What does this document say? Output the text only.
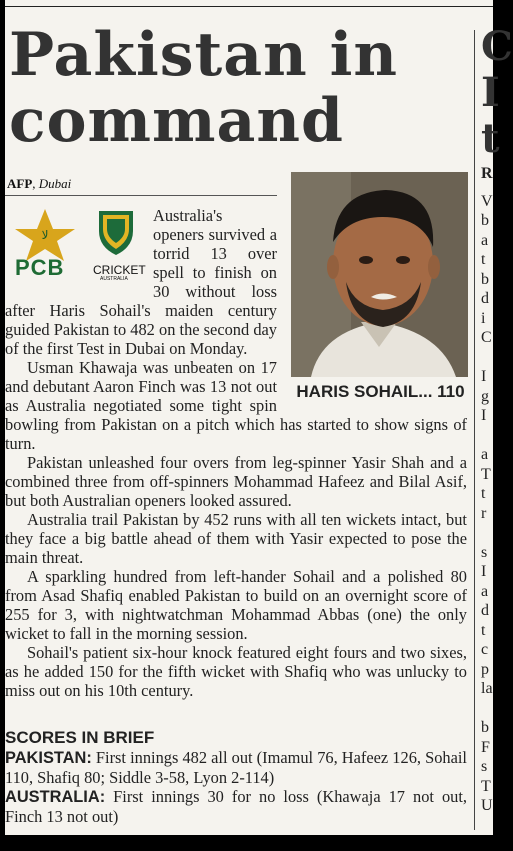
Pakistan in command
AFP, Dubai
ﻻ
PCB CRICKET
AUSTRALIA
HARIS SOHAIL... 110

Australia's openers survived a torrid 13 over spell to finish on 30 without loss after Haris Sohail's maiden century guided Pakistan to 482 on the second day of the first Test in Dubai on Monday.

Usman Khawaja was unbeaten on 17 and debutant Aaron Finch was 13 not out as Australia negotiated some tight spin bowling from Pakistan on a pitch which has started to show signs of turn.

Pakistan unleashed four overs from leg-spinner Yasir Shah and a combined three from off-spinners Mohammad Hafeez and Bilal Asif, but both Australian openers looked assured.

Australia trail Pakistan by 452 runs with all ten wickets intact, but they face a big battle ahead of them with Yasir expected to pose the main threat.

A sparkling hundred from left-hander Sohail and a polished 80 from Asad Shafiq enabled Pakistan to build on an overnight score of 255 for 3, with nightwatchman Mohammad Abbas (one) the only wicket to fall in the morning session.

Sohail's patient six-hour knock featured eight fours and two sixes, as he added 150 for the fifth wicket with Shafiq who was unlucky to miss out on his 10th century.

SCORES IN BRIEF

PAKISTAN: First innings 482 all out (Imamul 76, Hafeez 126, Sohail 110, Shafiq 80; Siddle 3-58, Lyon 2-114)

AUSTRALIA: First innings 30 for no loss (Khawaja 17 not out, Finch 13 not out)

C
I
t
R
V
b
a
t
b
d
i
C

I
g
I

a
T
t
r

s
I
a
d
t
c
p
la

b
F
s
T
U
